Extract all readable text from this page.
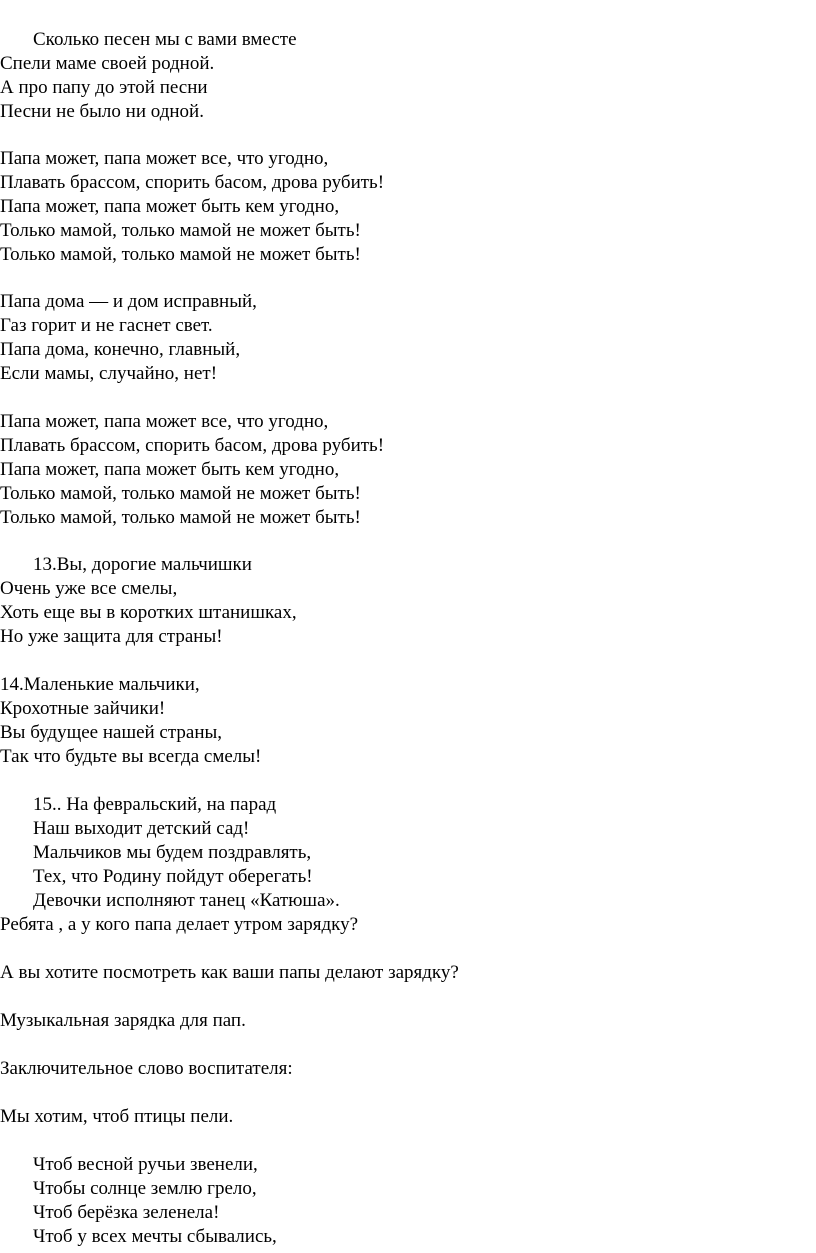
Сколько песен мы с вами вместе
Спели маме своей родной.
А про папу до этой песни
Песни не было ни одной.
Папа может, папа может все, что угодно,
Плавать брассом, спорить басом, дрова рубить!
Папа может, папа может быть кем угодно,
Только мамой, только мамой не может быть!
Только мамой, только мамой не может быть!
Папа дома — и дом исправный,
Газ горит и не гаснет свет.
Папа дома, конечно, главный,
Если мамы, случайно, нет!
Папа может, папа может все, что угодно,
Плавать брассом, спорить басом, дрова рубить!
Папа может, папа может быть кем угодно,
Только мамой, только мамой не может быть!
Только мамой, только мамой не может быть!
13.Вы, дорогие мальчишки
Очень уже все смелы,
Хоть еще вы в коротких штанишках,
Но уже защита для страны!
14.Маленькие мальчики,
Крохотные зайчики!
Вы будущее нашей страны,
Так что будьте вы всегда смелы!
15.. На февральский, на парад
Наш выходит детский сад!
Мальчиков мы будем поздравлять,
Тех, что Родину пойдут оберегать!
Девочки исполняют танец «Катюша».
Ребята , а у кого папа делает утром зарядку?
А вы хотите посмотреть как ваши папы делают зарядку?
Музыкальная зарядка для пап.
Заключительное слово воспитателя:
Мы хотим, чтоб птицы пели.
Чтоб весной ручьи звенели,
Чтобы солнце землю грело,
Чтоб берёзка зеленела!
Чтоб у всех мечты сбывались,
